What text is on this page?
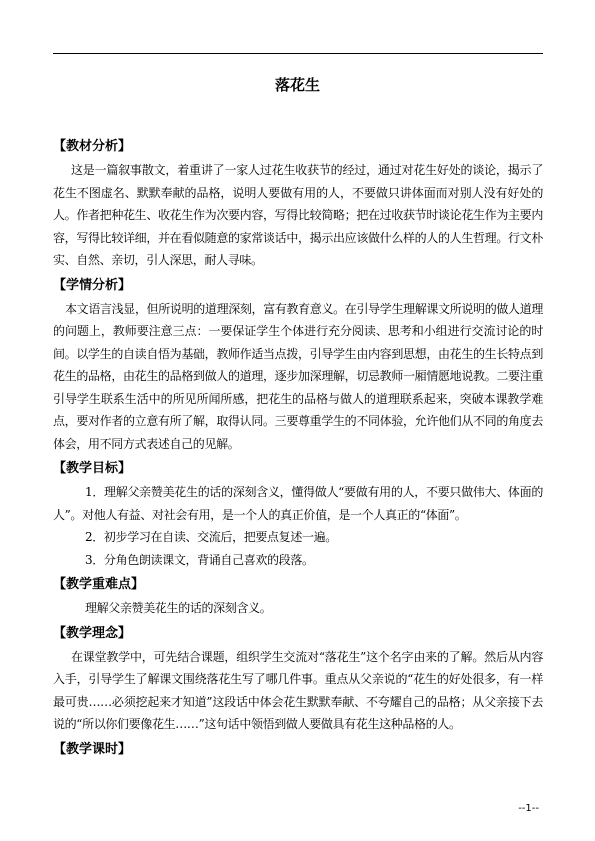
落花生
【教材分析】

这是一篇叙事散文，着重讲了一家人过花生收获节的经过，通过对花生好处的谈论，揭示了花生不图虚名、默默奉献的品格，说明人要做有用的人，不要做只讲体面而对别人没有好处的人。作者把种花生、收花生作为次要内容，写得比较简略；把在过收获节时谈论花生作为主要内容，写得比较详细，并在看似随意的家常谈话中，揭示出应该做什么样的人的人生哲理。行文朴实、自然、亲切，引人深思，耐人寻味。

【学情分析】

本文语言浅显，但所说明的道理深刻，富有教育意义。在引导学生理解课文所说明的做人道理的问题上，教师要注意三点：一要保证学生个体进行充分阅读、思考和小组进行交流讨论的时间。以学生的自读自悟为基础，教师作适当点拨，引导学生由内容到思想，由花生的生长特点到花生的品格，由花生的品格到做人的道理，逐步加深理解，切忌教师一厢情愿地说教。二要注重引导学生联系生活中的所见所闻所感，把花生的品格与做人的道理联系起来，突破本课教学难点，要对作者的立意有所了解，取得认同。三要尊重学生的不同体验，允许他们从不同的角度去体会，用不同方式表述自己的见解。

【教学目标】

1．理解父亲赞美花生的话的深刻含义，懂得做人“要做有用的人，不要只做伟大、体面的人”。对他人有益、对社会有用，是一个人的真正价值，是一个人真正的“体面”。

2．初步学习在自读、交流后，把要点复述一遍。

3．分角色朗读课文，背诵自己喜欢的段落。

【教学重难点】

理解父亲赞美花生的话的深刻含义。

【教学理念】

在课堂教学中，可先结合课题，组织学生交流对“落花生”这个名字由来的了解。然后从内容入手，引导学生了解课文围绕落花生写了哪几件事。重点从父亲说的“花生的好处很多，有一样最可贵……必须挖起来才知道”这段话中体会花生默默奉献、不夸耀自己的品格；从父亲接下去说的“所以你们要像花生……”这句话中领悟到做人要做具有花生这种品格的人。

【教学课时】
--1--
